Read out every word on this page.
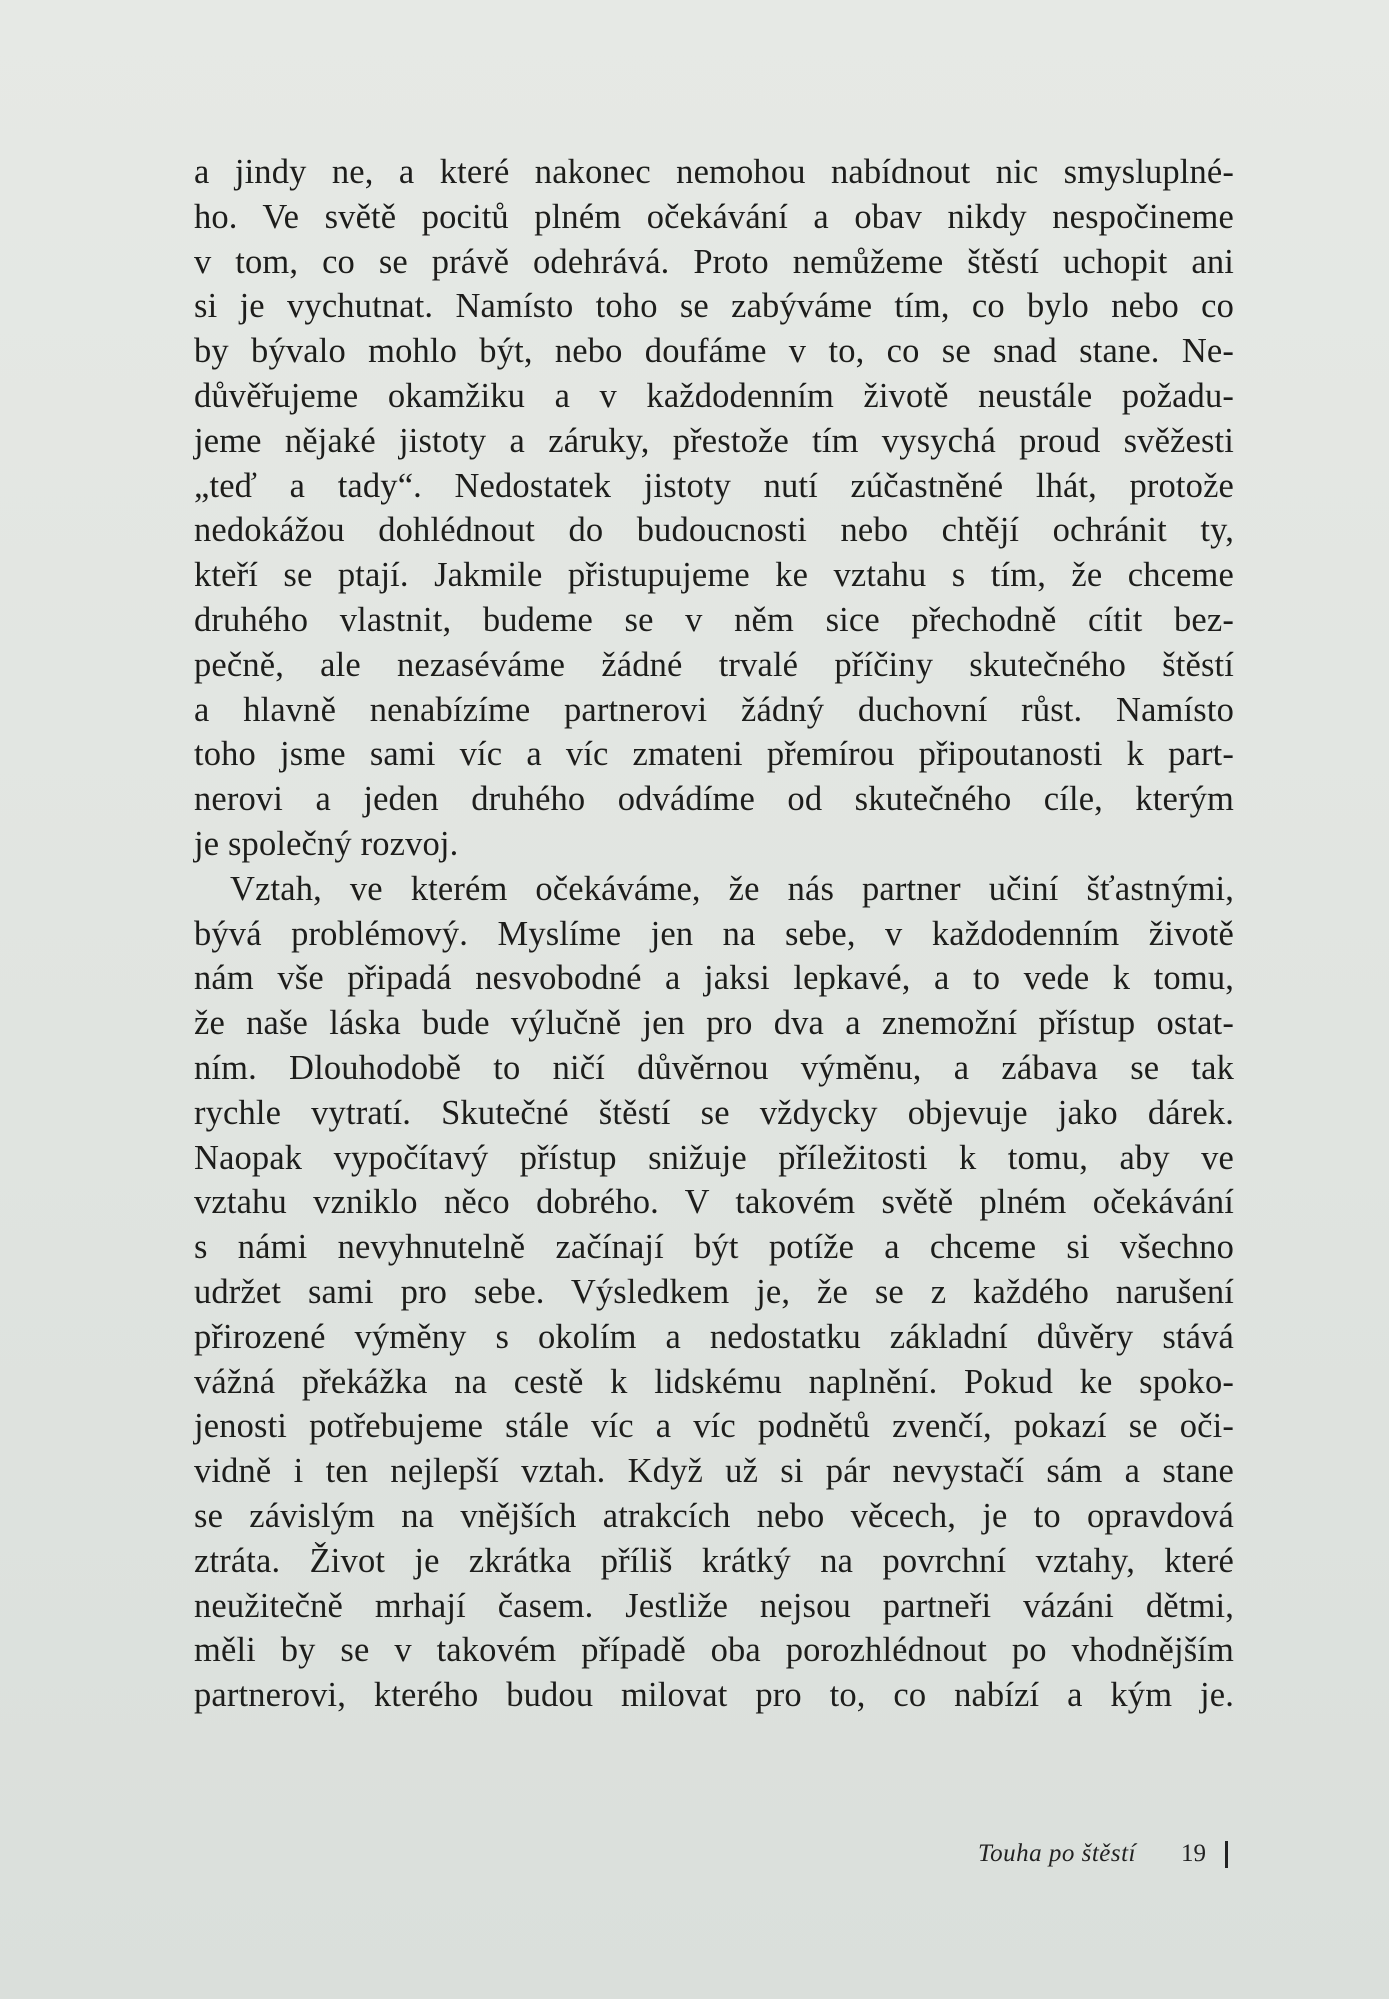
a jindy ne, a které nakonec nemohou nabídnout nic smysluplné-
ho. Ve světě pocitů plném očekávání a obav nikdy nespočineme
v tom, co se právě odehrává. Proto nemůžeme štěstí uchopit ani
si je vychutnat. Namísto toho se zabýváme tím, co bylo nebo co
by bývalo mohlo být, nebo doufáme v to, co se snad stane. Ne-
důvěřujeme okamžiku a v každodenním životě neustále požadu-
jeme nějaké jistoty a záruky, přestože tím vysychá proud svěžesti
„teď a tady“. Nedostatek jistoty nutí zúčastněné lhát, protože
nedokážou dohlédnout do budoucnosti nebo chtějí ochránit ty,
kteří se ptají. Jakmile přistupujeme ke vztahu s tím, že chceme
druhého vlastnit, budeme se v něm sice přechodně cítit bez-
pečně, ale nezaséváme žádné trvalé příčiny skutečného štěstí
a hlavně nenabízíme partnerovi žádný duchovní růst. Namísto
toho jsme sami víc a víc zmateni přemírou připoutanosti k part-
nerovi a jeden druhého odvádíme od skutečného cíle, kterým
je společný rozvoj.
Vztah, ve kterém očekáváme, že nás partner učiní šťastnými,
bývá problémový. Myslíme jen na sebe, v každodenním životě
nám vše připadá nesvobodné a jaksi lepkavé, a to vede k tomu,
že naše láska bude výlučně jen pro dva a znemožní přístup ostat-
ním. Dlouhodobě to ničí důvěrnou výměnu, a zábava se tak
rychle vytratí. Skutečné štěstí se vždycky objevuje jako dárek.
Naopak vypočítavý přístup snižuje příležitosti k tomu, aby ve
vztahu vzniklo něco dobrého. V takovém světě plném očekávání
s námi nevyhnutelně začínají být potíže a chceme si všechno
udržet sami pro sebe. Výsledkem je, že se z každého narušení
přirozené výměny s okolím a nedostatku základní důvěry stává
vážná překážka na cestě k lidskému naplnění. Pokud ke spoko-
jenosti potřebujeme stále víc a víc podnětů zvenčí, pokazí se oči-
vidně i ten nejlepší vztah. Když už si pár nevystačí sám a stane
se závislým na vnějších atrakcích nebo věcech, je to opravdová
ztráta. Život je zkrátka příliš krátký na povrchní vztahy, které
neužitečně mrhají časem. Jestliže nejsou partneři vázáni dětmi,
měli by se v takovém případě oba porozhlédnout po vhodnějším
partnerovi, kterého budou milovat pro to, co nabízí a kým je.
Touha po štěstí 19
